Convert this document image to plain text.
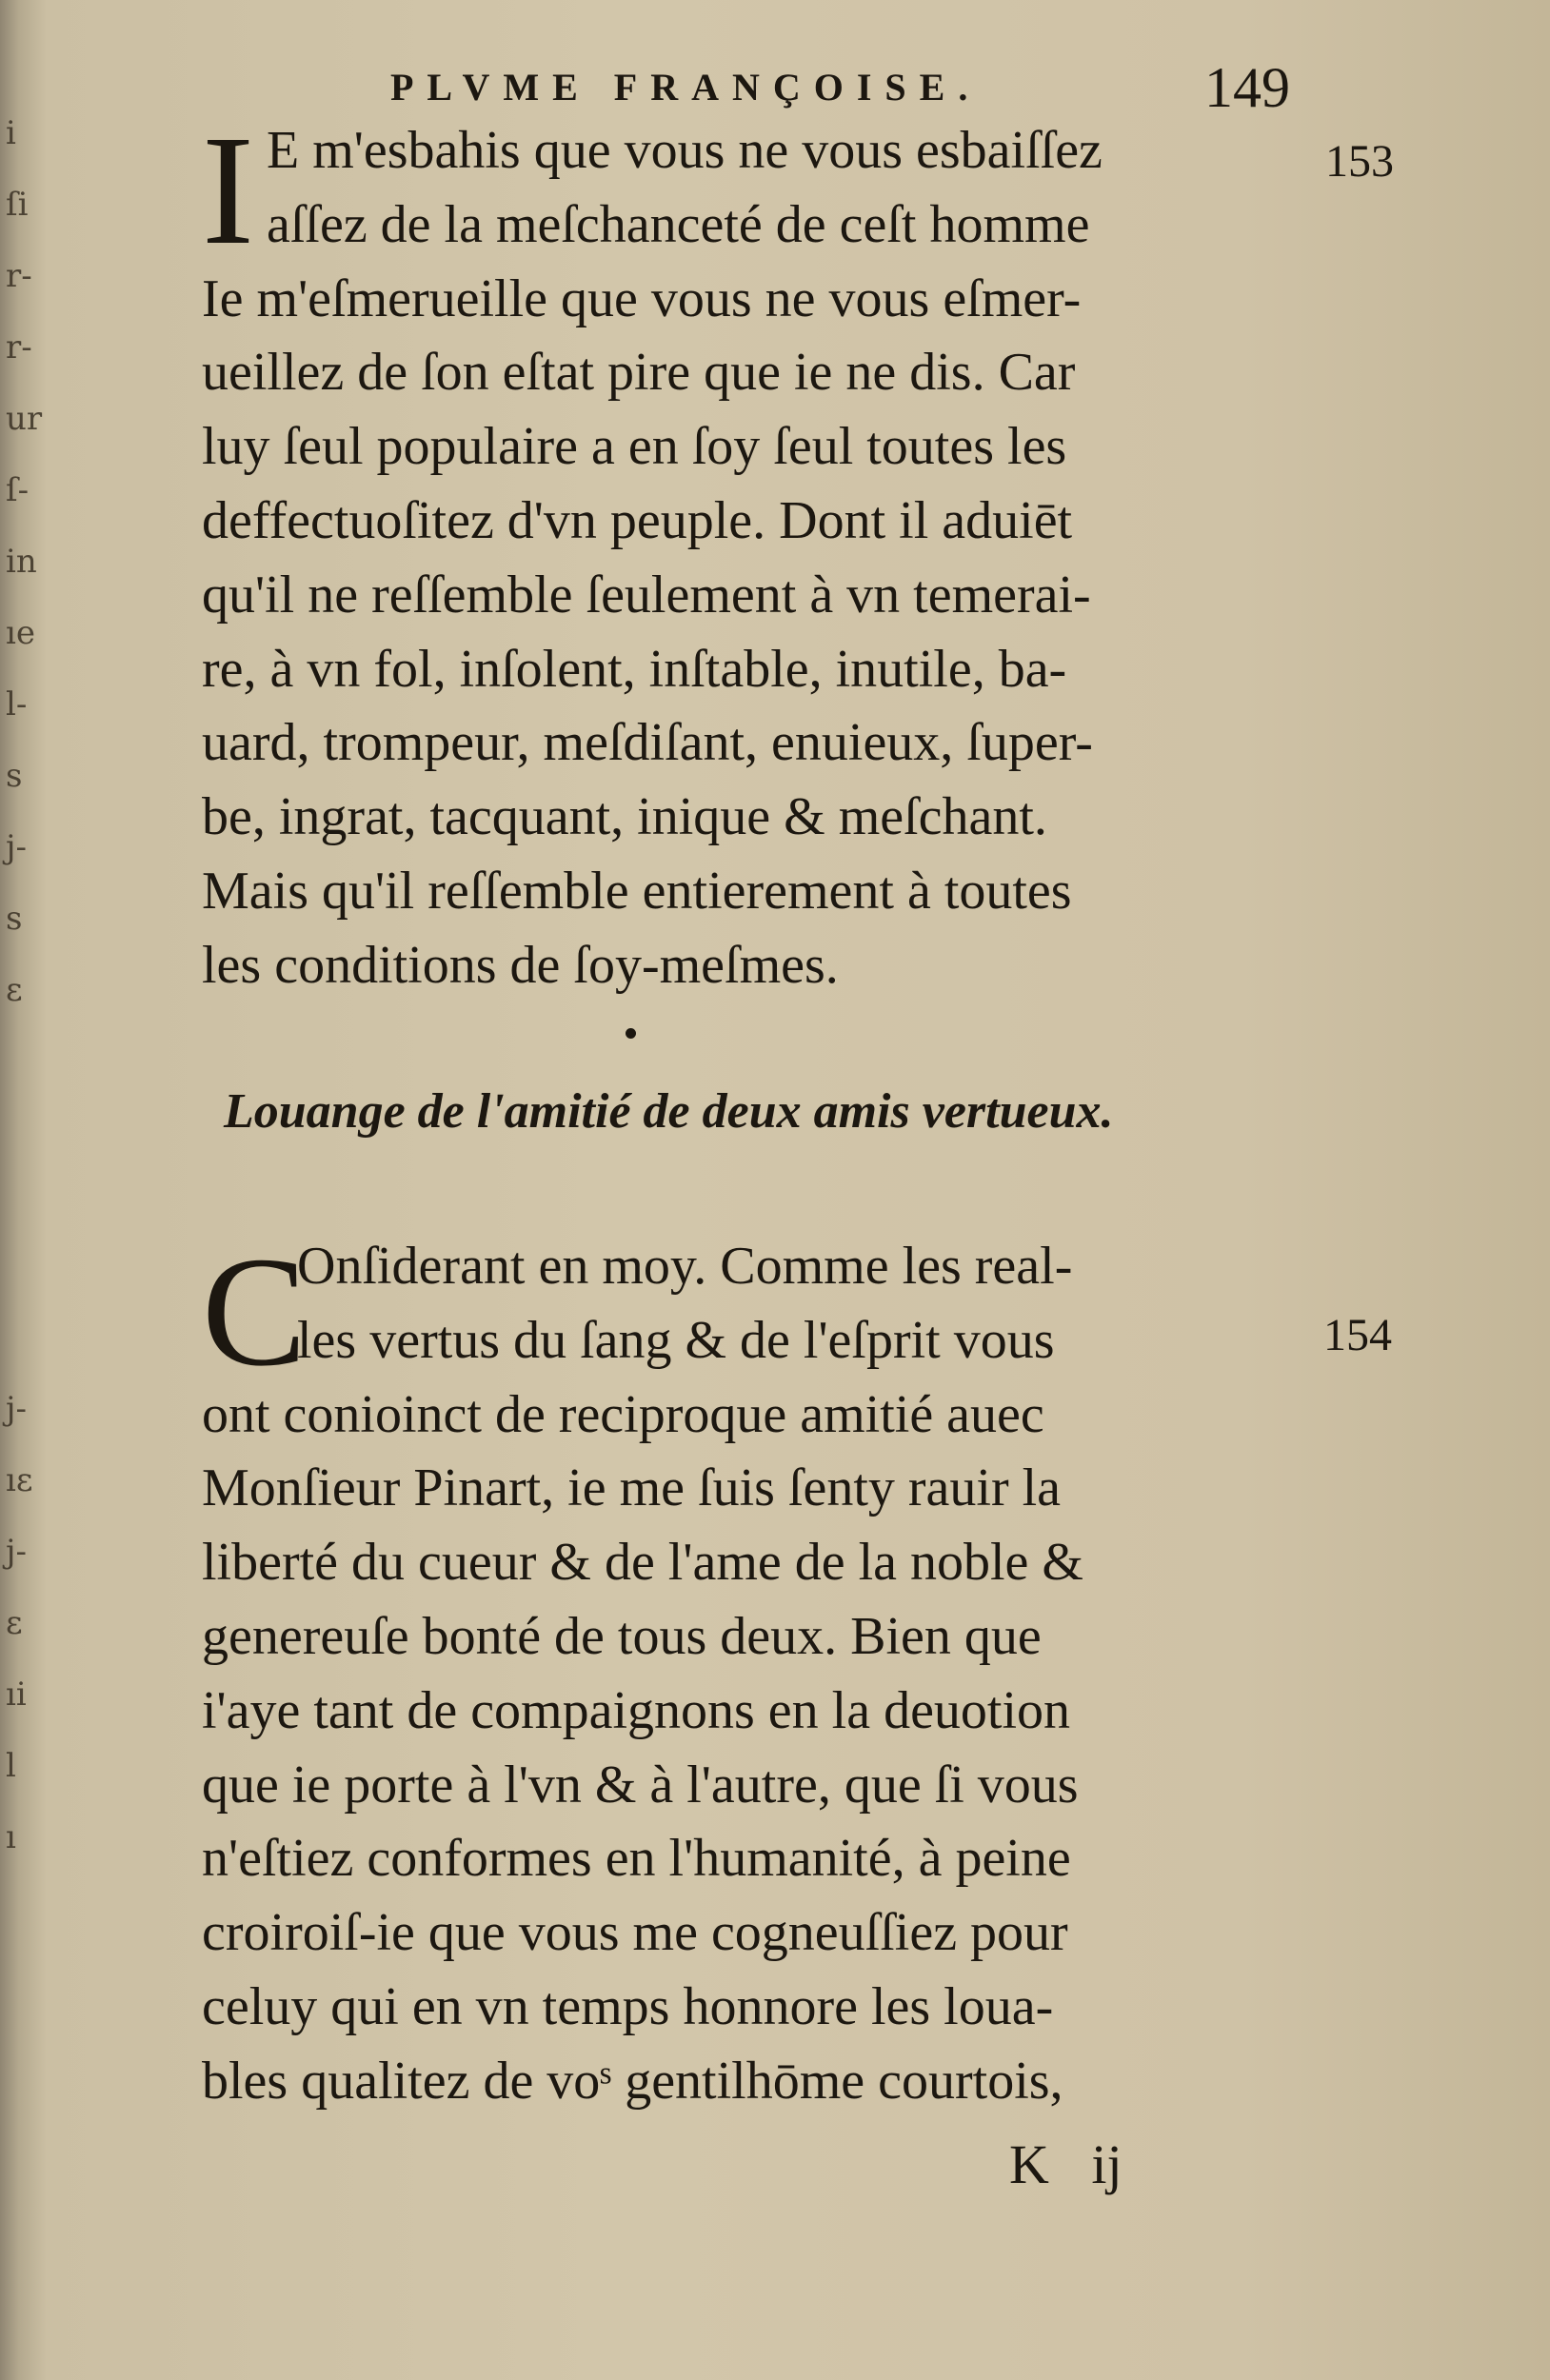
i
ſi
r-
r-
ur
ſ-
in
ıe
l-
s
j-
s
ε
j-
ıε
j-
ε
ıi
l
ı
PLVME FRANÇOISE.	149
I	153
E m'esbahis que vous ne vous esbaiſſez
aſſez de la meſchanceté de ceſt homme
Ie m'eſmerueille que vous ne vous eſmer-
ueillez de ſon eſtat pire que ie ne dis. Car
luy ſeul populaire a en ſoy ſeul toutes les
deffectuoſitez d'vn peuple. Dont il aduiēt
qu'il ne reſſemble ſeulement à vn temerai-
re, à vn fol, inſolent, inſtable, inutile, ba-
uard, trompeur, meſdiſant, enuieux, ſuper-
be, ingrat, tacquant, inique & meſchant.
Mais qu'il reſſemble entierement à toutes
les conditions de ſoy-meſmes.
Louange de l'amitié de deux amis vertueux.
C	154
Onſiderant en moy. Comme les real-
les vertus du ſang & de l'eſprit vous
ont conioinct de reciproque amitié auec
Monſieur Pinart, ie me ſuis ſenty rauir la
liberté du cueur & de l'ame de la noble &
genereuſe bonté de tous deux. Bien que
i'aye tant de compaignons en la deuotion
que ie porte à l'vn & à l'autre, que ſi vous
n'eſtiez conformes en l'humanité, à peine
croiroiſ-ie que vous me cogneuſſiez pour
celuy qui en vn temps honnore les loua-
bles qualitez de voˢ gentilhōme courtois,
K ij
